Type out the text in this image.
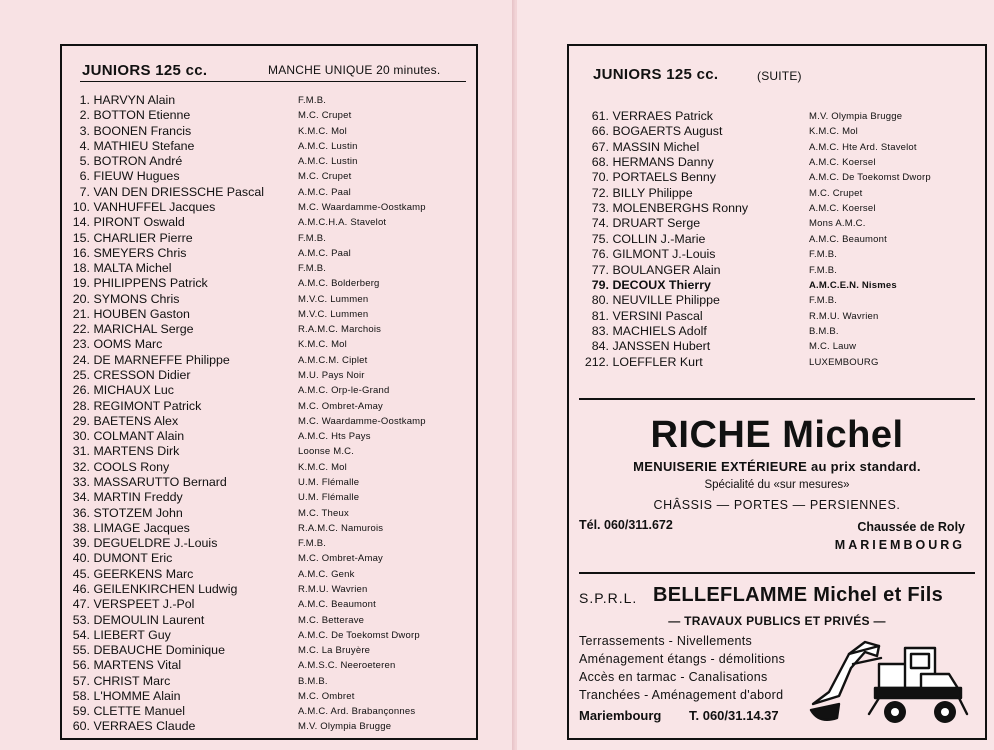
JUNIORS 125 cc.	MANCHE UNIQUE 20 minutes.
1. HARVYN Alain	F.M.B.
2. BOTTON Etienne	M.C. Crupet
3. BOONEN Francis	K.M.C. Mol
4. MATHIEU Stefane	A.M.C. Lustin
5. BOTRON André	A.M.C. Lustin
6. FIEUW Hugues	M.C. Crupet
7. VAN DEN DRIESSCHE Pascal	A.M.C. Paal
10. VANHUFFEL Jacques	M.C. Waardamme-Oostkamp
14. PIRONT Oswald	A.M.C.H.A. Stavelot
15. CHARLIER Pierre	F.M.B.
16. SMEYERS Chris	A.M.C. Paal
18. MALTA Michel	F.M.B.
19. PHILIPPENS Patrick	A.M.C. Bolderberg
20. SYMONS Chris	M.V.C. Lummen
21. HOUBEN Gaston	M.V.C. Lummen
22. MARICHAL Serge	R.A.M.C. Marchois
23. OOMS Marc	K.M.C. Mol
24. DE MARNEFFE Philippe	A.M.C.M. Ciplet
25. CRESSON Didier	M.U. Pays Noir
26. MICHAUX Luc	A.M.C. Orp-le-Grand
28. REGIMONT Patrick	M.C. Ombret-Amay
29. BAETENS Alex	M.C. Waardamme-Oostkamp
30. COLMANT Alain	A.M.C. Hts Pays
31. MARTENS Dirk	Loonse M.C.
32. COOLS Rony	K.M.C. Mol
33. MASSARUTTO Bernard	U.M. Flémalle
34. MARTIN Freddy	U.M. Flémalle
36. STOTZEM John	M.C. Theux
38. LIMAGE Jacques	R.A.M.C. Namurois
39. DEGUELDRE J.-Louis	F.M.B.
40. DUMONT Eric	M.C. Ombret-Amay
45. GEERKENS Marc	A.M.C. Genk
46. GEILENKIRCHEN Ludwig	R.M.U. Wavrien
47. VERSPEET J.-Pol	A.M.C. Beaumont
53. DEMOULIN Laurent	M.C. Betterave
54. LIEBERT Guy	A.M.C. De Toekomst Dworp
55. DEBAUCHE Dominique	M.C. La Bruyère
56. MARTENS Vital	A.M.S.C. Neeroeteren
57. CHRIST Marc	B.M.B.
58. L'HOMME Alain	M.C. Ombret
59. CLETTE Manuel	A.M.C. Ard. Brabançonnes
60. VERRAES Claude	M.V. Olympia Brugge
JUNIORS 125 cc.	(SUITE)
61. VERRAES Patrick	M.V. Olympia Brugge
66. BOGAERTS August	K.M.C. Mol
67. MASSIN Michel	A.M.C. Hte Ard. Stavelot
68. HERMANS Danny	A.M.C. Koersel
70. PORTAELS Benny	A.M.C. De Toekomst Dworp
72. BILLY Philippe	M.C. Crupet
73. MOLENBERGHS Ronny	A.M.C. Koersel
74. DRUART Serge	Mons A.M.C.
75. COLLIN J.-Marie	A.M.C. Beaumont
76. GILMONT J.-Louis	F.M.B.
77. BOULANGER Alain	F.M.B.
79. DECOUX Thierry	A.M.C.E.N. Nismes
80. NEUVILLE Philippe	F.M.B.
81. VERSINI Pascal	R.M.U. Wavrien
83. MACHIELS Adolf	B.M.B.
84. JANSSEN Hubert	M.C. Lauw
212. LOEFFLER Kurt	LUXEMBOURG
RICHE Michel
MENUISERIE EXTÉRIEURE au prix standard.
Spécialité du «sur mesures»
CHÂSSIS — PORTES — PERSIENNES.
Tél. 060/311.672	Chaussée de Roly
MARIEMBOURG
S.P.R.L. BELLEFLAMME Michel et Fils
— TRAVAUX PUBLICS ET PRIVÉS —
Terrassements - Nivellements
Aménagement étangs - démolitions
Accès en tarmac - Canalisations
Tranchées - Aménagement d'abord
Mariembourg T. 060/31.14.37
